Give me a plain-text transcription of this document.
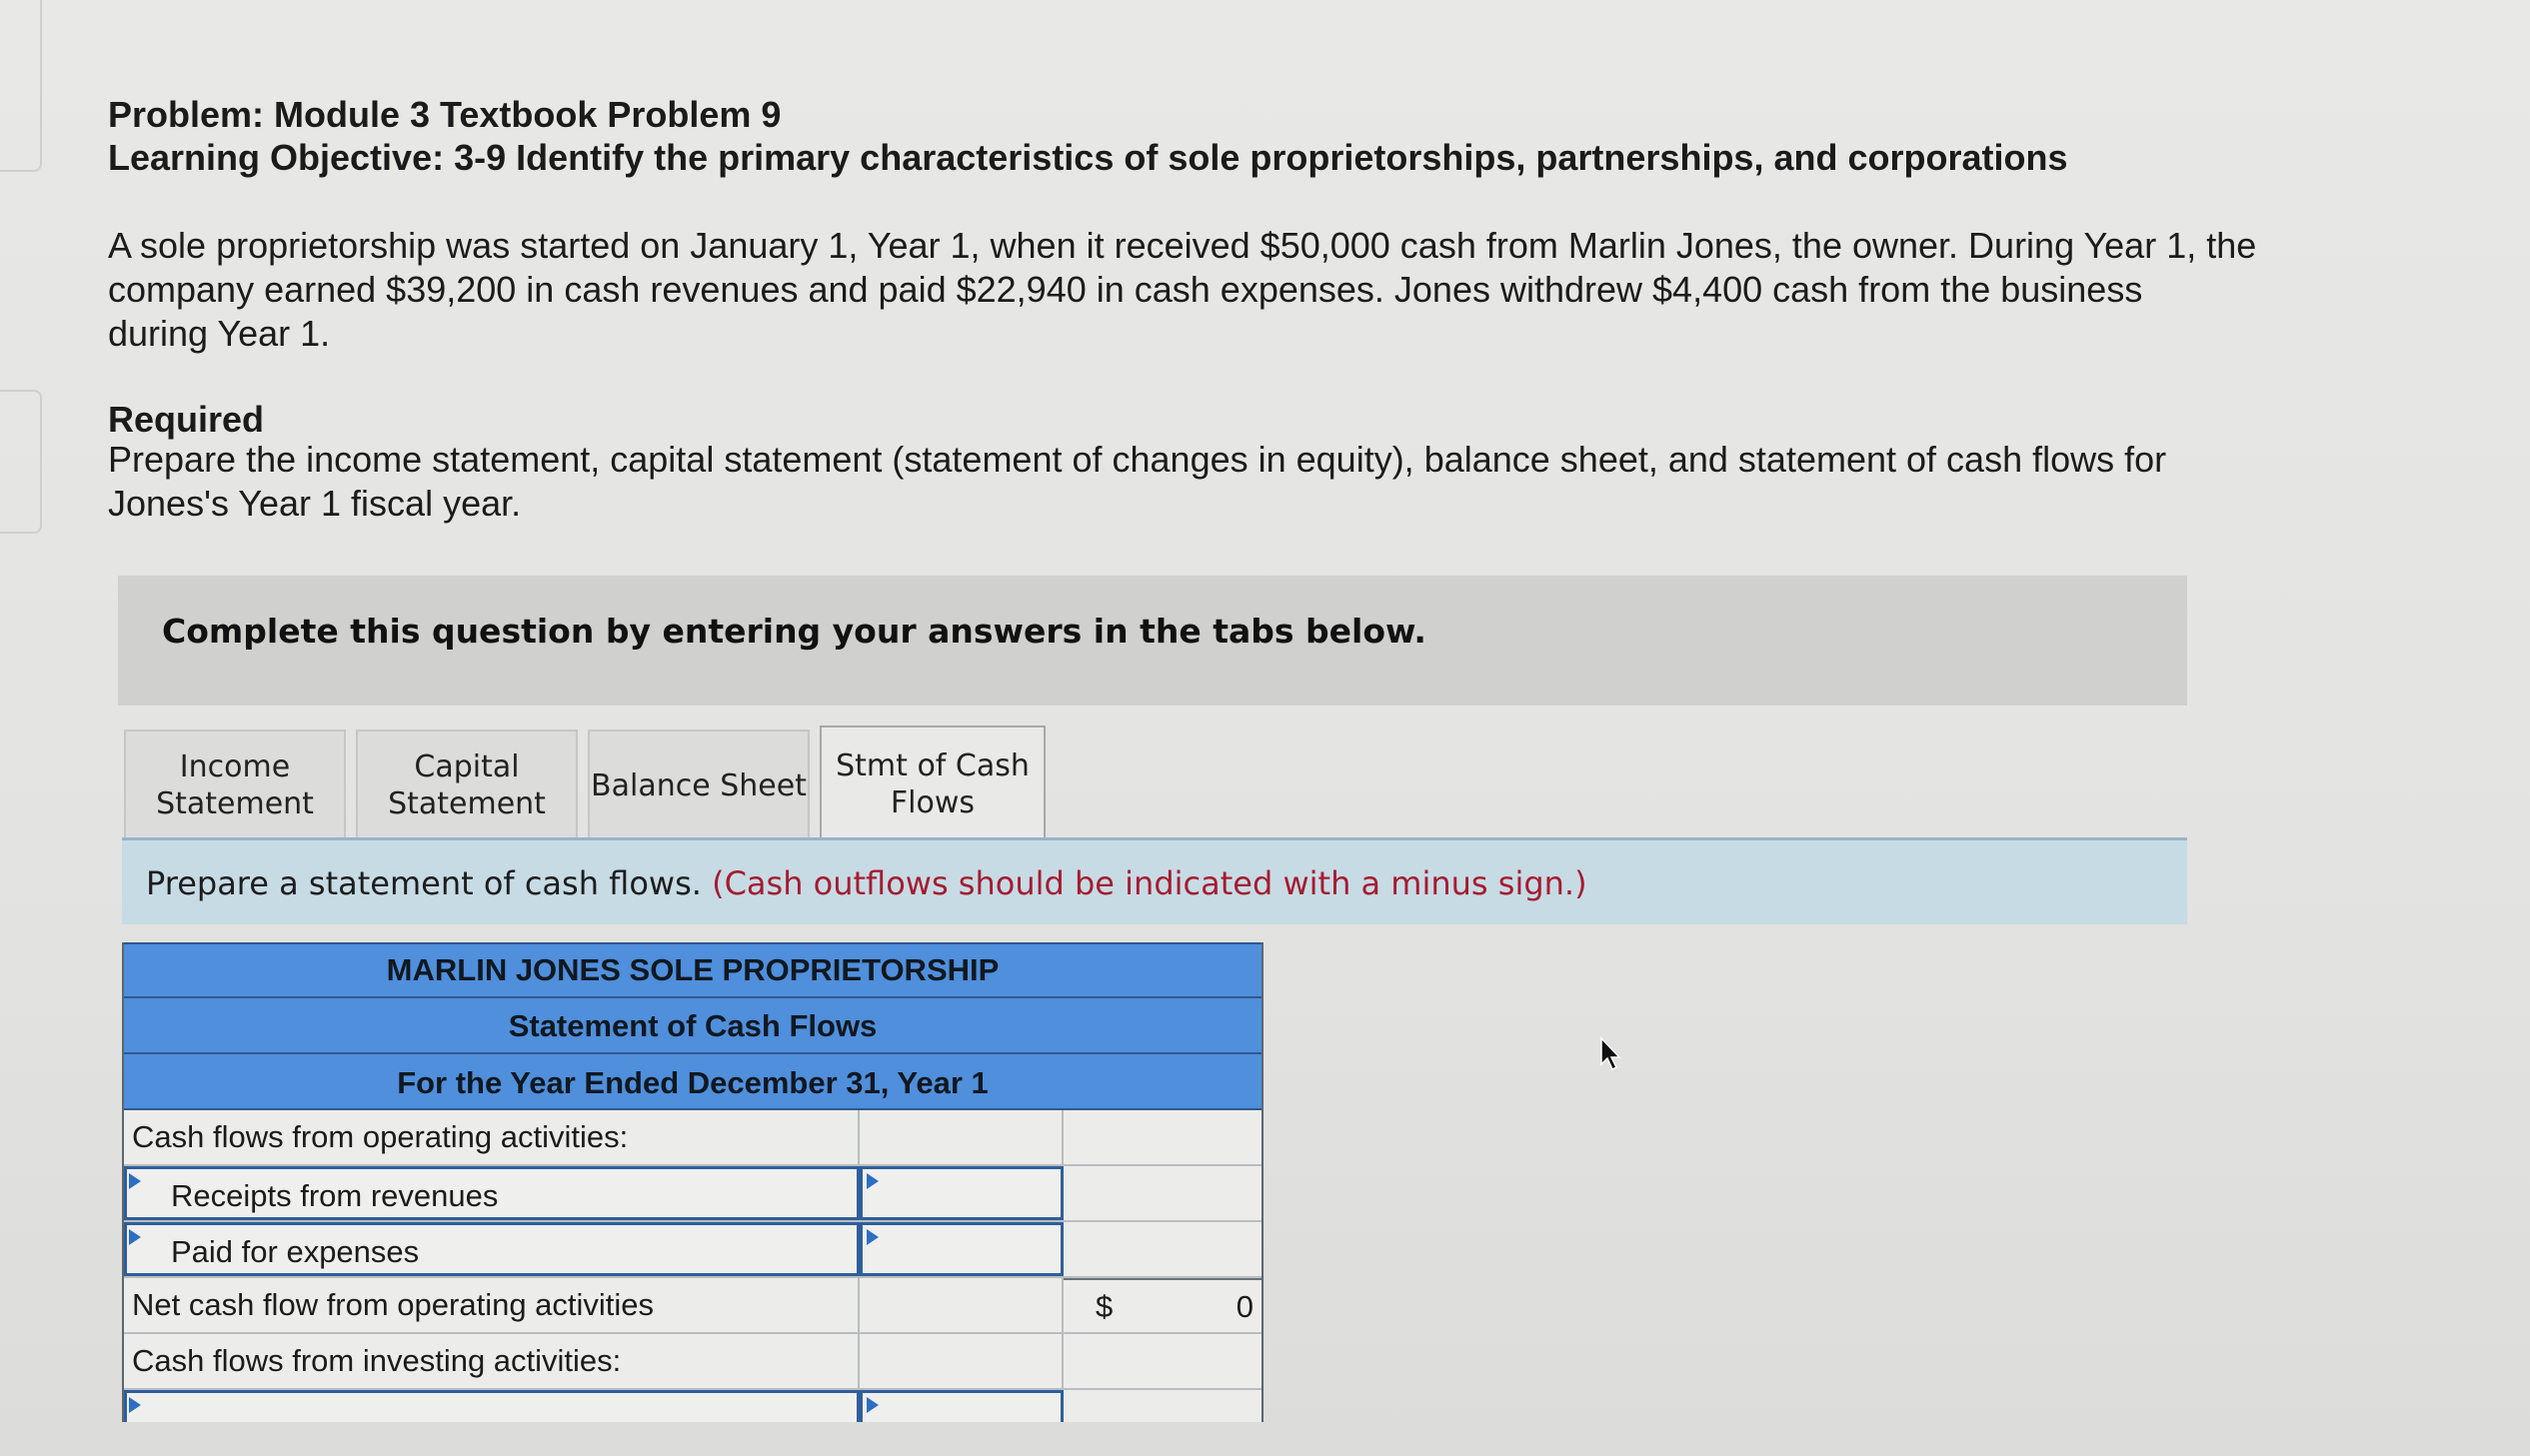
Problem: Module 3 Textbook Problem 9
Learning Objective: 3-9 Identify the primary characteristics of sole proprietorships, partnerships, and corporations
A sole proprietorship was started on January 1, Year 1, when it received $50,000 cash from Marlin Jones, the owner. During Year 1, the
company earned $39,200 in cash revenues and paid $22,940 in cash expenses. Jones withdrew $4,400 cash from the business
during Year 1.
Required
Prepare the income statement, capital statement (statement of changes in equity), balance sheet, and statement of cash flows for
Jones's Year 1 fiscal year.
Complete this question by entering your answers in the tabs below.
Income
Statement
Capital
Statement
Balance Sheet
Stmt of Cash
Flows
Prepare a statement of cash flows. (Cash outflows should be indicated with a minus sign.)
MARLIN JONES SOLE PROPRIETORSHIP
Statement of Cash Flows
For the Year Ended December 31, Year 1
Cash flows from operating activities:
Receipts from revenues
Paid for expenses
Net cash flow from operating activities	$	0
Cash flows from investing activities:
